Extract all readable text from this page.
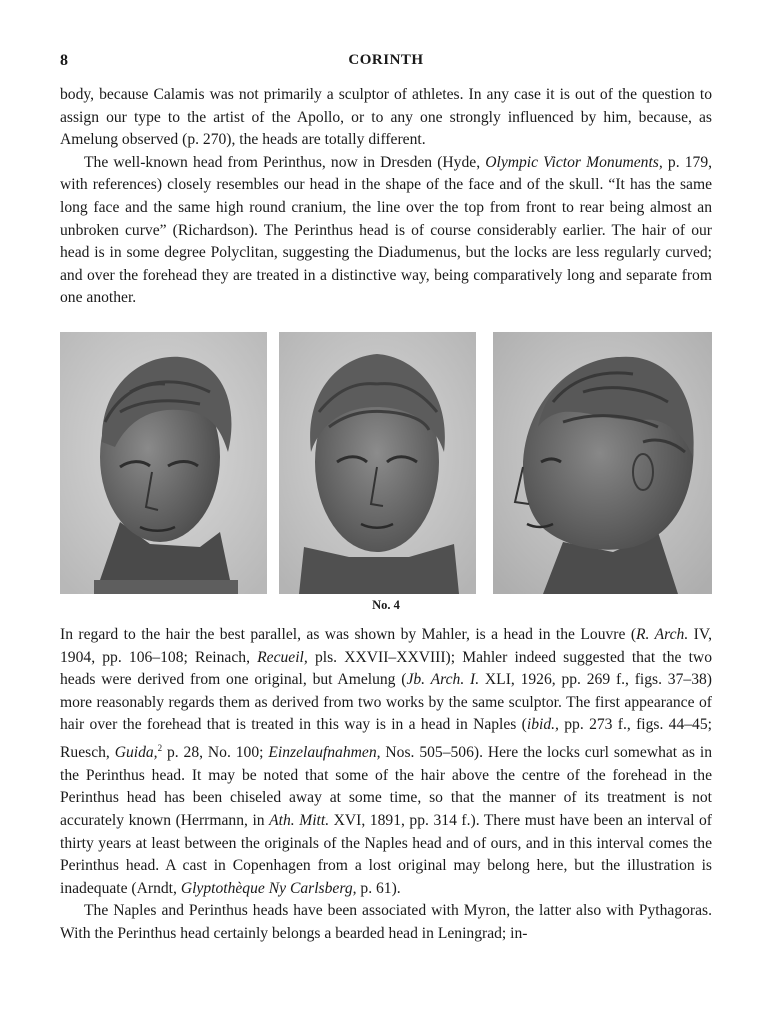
8	CORINTH

body, because Calamis was not primarily a sculptor of athletes. In any case it is out of the question to assign our type to the artist of the Apollo, or to any one strongly influenced by him, because, as Amelung observed (p. 270), the heads are totally different.

The well-known head from Perinthus, now in Dresden (Hyde, Olympic Victor Monuments, p. 179, with references) closely resembles our head in the shape of the face and of the skull. “It has the same long face and the same high round cranium, the line over the top from front to rear being almost an unbroken curve” (Richardson). The Perinthus head is of course considerably earlier. The hair of our head is in some degree Polyclitan, suggesting the Diadumenus, but the locks are less regularly curved; and over the forehead they are treated in a distinctive way, being comparatively long and separate from one another.

No. 4

In regard to the hair the best parallel, as was shown by Mahler, is a head in the Louvre (R. Arch. IV, 1904, pp. 106–108; Reinach, Recueil, pls. XXVII–XXVIII); Mahler indeed suggested that the two heads were derived from one original, but Amelung (Jb. Arch. I. XLI, 1926, pp. 269 f., figs. 37–38) more reasonably regards them as derived from two works by the same sculptor. The first appearance of hair over the forehead that is treated in this way is in a head in Naples (ibid., pp. 273 f., figs. 44–45; Ruesch, Guida,$^2$ p. 28, No. 100; Einzelaufnahmen, Nos. 505–506). Here the locks curl somewhat as in the Perinthus head. It may be noted that some of the hair above the centre of the forehead in the Perinthus head has been chiseled away at some time, so that the manner of its treatment is not accurately known (Herrmann, in Ath. Mitt. XVI, 1891, pp. 314 f.). There must have been an interval of thirty years at least between the originals of the Naples head and of ours, and in this interval comes the Perinthus head. A cast in Copenhagen from a lost original may belong here, but the illustration is inadequate (Arndt, Glyptothèque Ny Carlsberg, p. 61).

The Naples and Perinthus heads have been associated with Myron, the latter also with Pythagoras. With the Perinthus head certainly belongs a bearded head in Leningrad; in-
